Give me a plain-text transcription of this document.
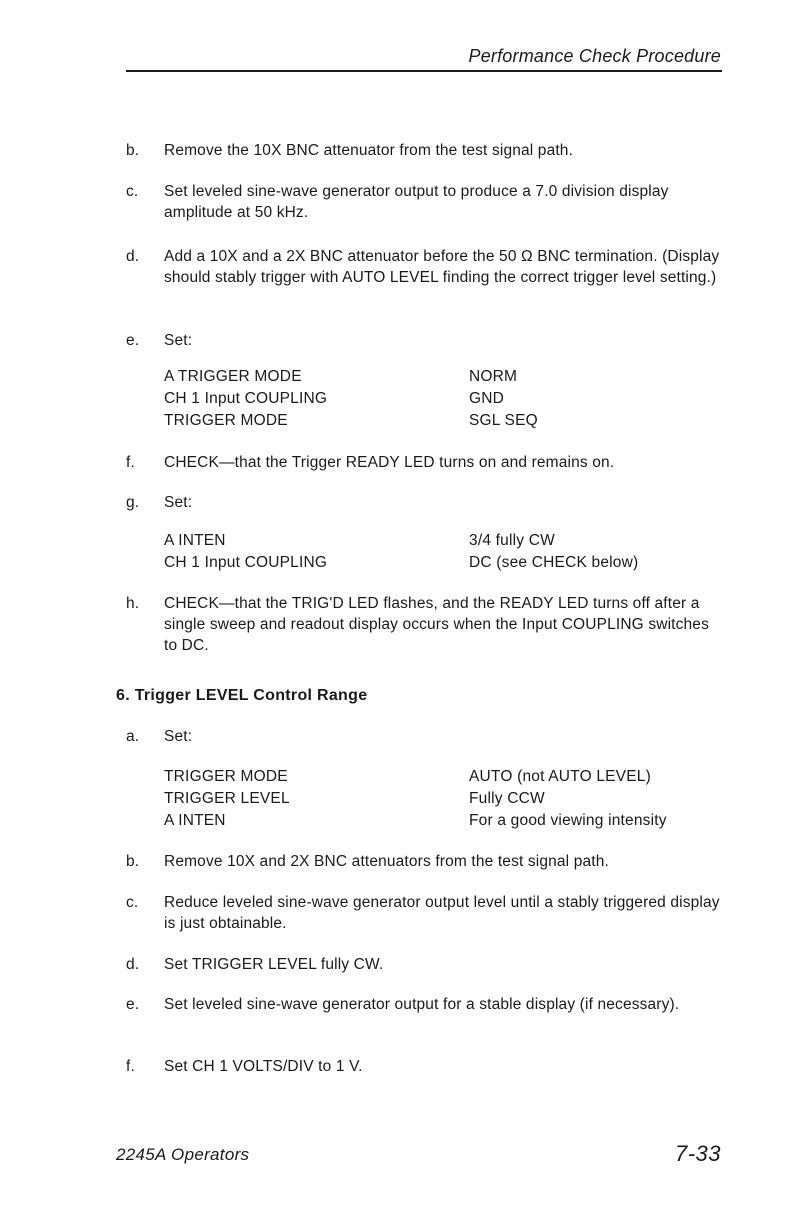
Performance Check Procedure
b.	Remove the 10X BNC attenuator from the test signal path.
c.	Set leveled sine-wave generator output to produce a 7.0 division display amplitude at 50 kHz.
d.	Add a 10X and a 2X BNC attenuator before the 50 Ω BNC termination. (Display should stably trigger with AUTO LEVEL finding the correct trigger level setting.)
e.	Set:
A TRIGGER MODE	NORM
CH 1 Input COUPLING	GND
TRIGGER MODE	SGL SEQ
f.	CHECK—that the Trigger READY LED turns on and remains on.
g.	Set:
A INTEN	3/4 fully CW
CH 1 Input COUPLING	DC (see CHECK below)
h.	CHECK—that the TRIG'D LED flashes, and the READY LED turns off after a single sweep and readout display occurs when the Input COUPLING switches to DC.
6. Trigger LEVEL Control Range
a.	Set:
TRIGGER MODE	AUTO (not AUTO LEVEL)
TRIGGER LEVEL	Fully CCW
A INTEN	For a good viewing intensity
b.	Remove 10X and 2X BNC attenuators from the test signal path.
c.	Reduce leveled sine-wave generator output level until a stably triggered display is just obtainable.
d.	Set TRIGGER LEVEL fully CW.
e.	Set leveled sine-wave generator output for a stable display (if necessary).
f.	Set CH 1 VOLTS/DIV to 1 V.
2245A Operators	7-33
